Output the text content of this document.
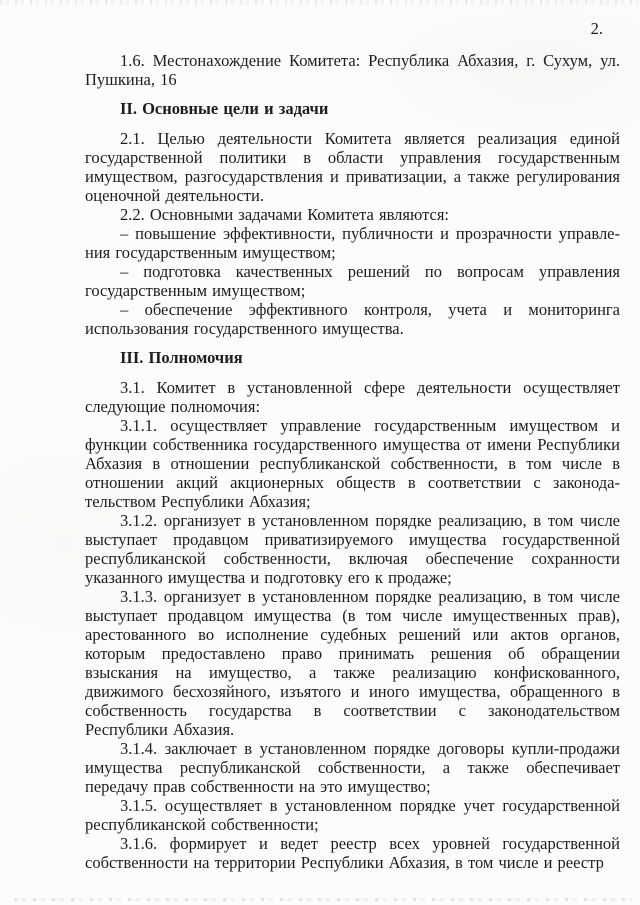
2.

1.6. Местонахождение Комитета: Республика Абхазия, г. Сухум, ул. Пушкина, 16

II. Основные цели и задачи

2.1. Целью деятельности Комитета является реализация единой государственной политики в области управления государственным имуществом, разгосударствления и приватизации, а также регулирования оценочной деятельности.

2.2. Основными задачами Комитета являются:

– повышение эффективности, публичности и прозрачности управле-ния государственным имуществом;

– подготовка качественных решений по вопросам управления государственным имуществом;

– обеспечение эффективного контроля, учета и мониторинга использования государственного имущества.

III. Полномочия

3.1. Комитет в установленной сфере деятельности осуществляет следующие полномочия:

3.1.1. осуществляет управление государственным имуществом и функции собственника государственного имущества от имени Республики Абхазия в отношении республиканской собственности, в том числе в отношении акций акционерных обществ в соответствии с законода-тельством Республики Абхазия;

3.1.2. организует в установленном порядке реализацию, в том числе выступает продавцом приватизируемого имущества государственной республиканской собственности, включая обеспечение сохранности указанного имущества и подготовку его к продаже;

3.1.3. организует в установленном порядке реализацию, в том числе выступает продавцом имущества (в том числе имущественных прав), арестованного во исполнение судебных решений или актов органов, которым предоставлено право принимать решения об обращении взыскания на имущество, а также реализацию конфискованного, движимого бесхозяйного, изъятого и иного имущества, обращенного в собственность государства в соответствии с законодательством Республики Абхазия.

3.1.4. заключает в установленном порядке договоры купли-продажи имущества республиканской собственности, а также обеспечивает передачу прав собственности на это имущество;

3.1.5. осуществляет в установленном порядке учет государственной республиканской собственности;

3.1.6. формирует и ведет реестр всех уровней государственной собственности на территории Республики Абхазия, в том числе и реестр
